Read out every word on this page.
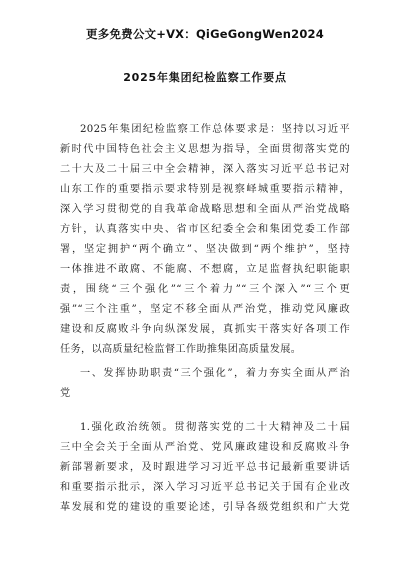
更多免费公文+VX：QiGeGongWen2024
2025年集团纪检监察工作要点
2025年集团纪检监察工作总体要求是：坚持以习近平
新时代中国特色社会主义思想为指导，全面贯彻落实党的
二十大及二十届三中全会精神，深入落实习近平总书记对
山东工作的重要指示要求特别是视察峄城重要指示精神，
深入学习贯彻党的自我革命战略思想和全面从严治党战略
方针，认真落实中央、省市区纪委全会和集团党委工作部
署，坚定拥护“两个确立”、坚决做到“两个维护”，坚持
一体推进不敢腐、不能腐、不想腐，立足监督执纪职能职
责，围绕“三个强化”“三个着力”“三个深入”“三个更
强”“三个注重”，坚定不移全面从严治党，推动党风廉政
建设和反腐败斗争向纵深发展，真抓实干落实好各项工作
任务，以高质量纪检监督工作助推集团高质量发展。
一、发挥协助职责“三个强化”，着力夯实全面从严治
党
1.强化政治统领。贯彻落实党的二十大精神及二十届
三中全会关于全面从严治党、党风廉政建设和反腐败斗争
新部署新要求，及时跟进学习习近平总书记最新重要讲话
和重要指示批示，深入学习习近平总书记关于国有企业改
革发展和党的建设的重要论述，引导各级党组织和广大党
